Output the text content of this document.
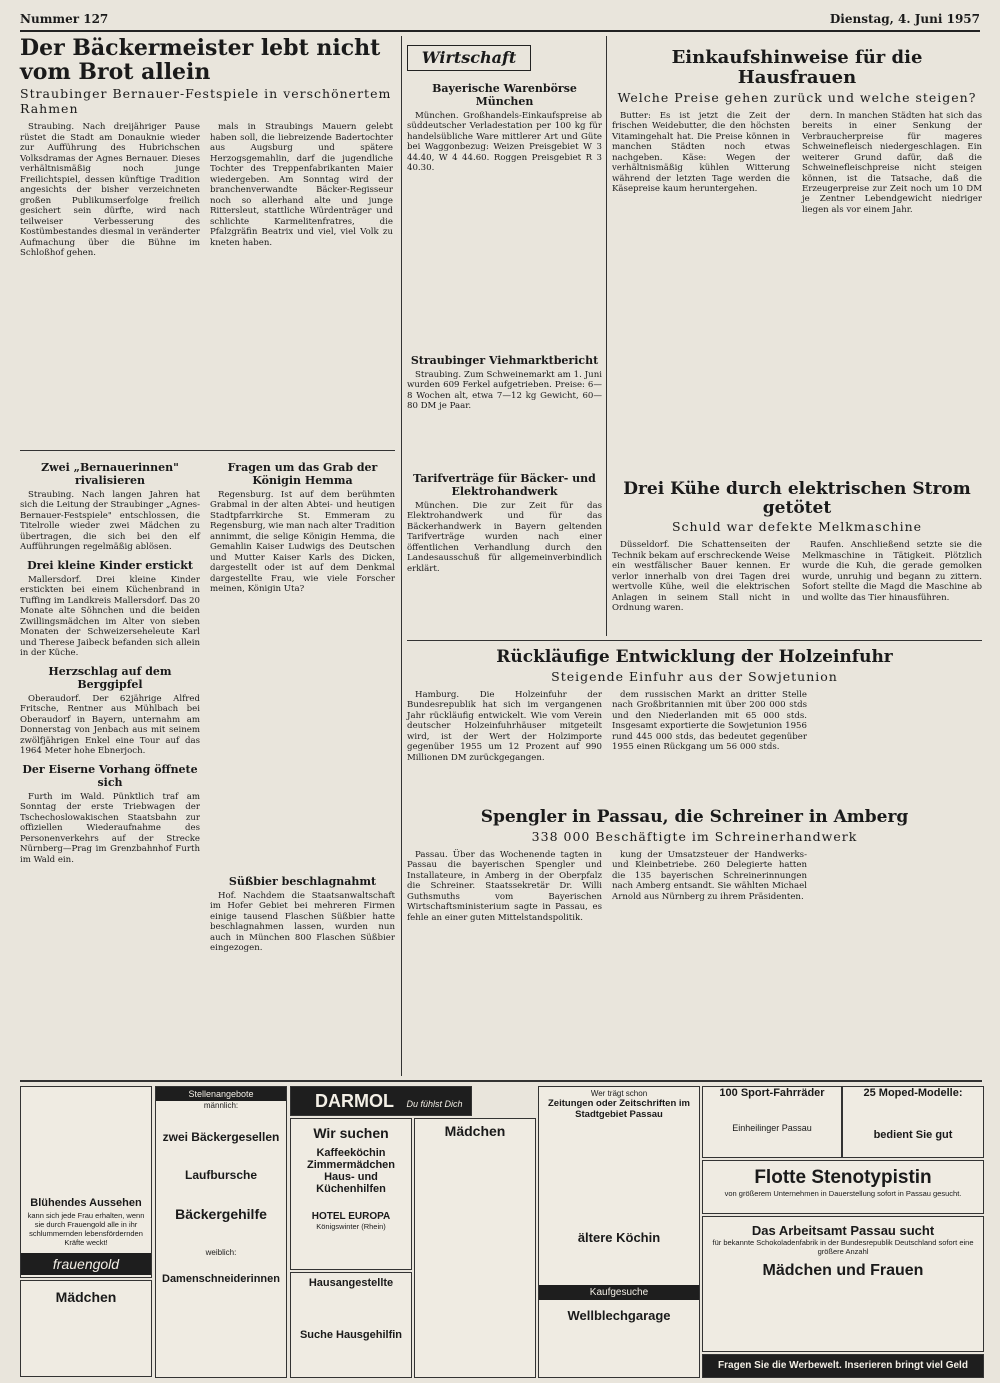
Nummer 127	Dienstag, 4. Juni 1957
Der Bäckermeister lebt nicht vom Brot allein
Straubinger Bernauer-Festspiele in verschönertem Rahmen

Straubing. Nach dreijähriger Pause rüstet die Stadt am Donauknie wieder zur Aufführung des Hubrichschen Volksdramas der Agnes Bernauer. Dieses verhältnismäßig noch junge Freilichtspiel, dessen künftige Tradition angesichts der bisher verzeichneten großen Publikumserfolge freilich gesichert sein dürfte, wird nach teilweiser Verbesserung des Kostümbestandes diesmal in veränderter Aufmachung über die Bühne im Schloßhof gehen.

mals in Straubings Mauern gelebt haben soll, die liebreizende Badertochter aus Augsburg und spätere Herzogsgemahlin, darf die jugendliche Tochter des Treppenfabrikanten Maier wiedergeben. Am Sonntag wird der branchenverwandte Bäcker-Regisseur noch so allerhand alte und junge Rittersleut, stattliche Würdenträger und schlichte Karmelitenfratres, die Pfalzgräfin Beatrix und viel, viel Volk zu kneten haben.

Zwei „Bernauerinnen" rivalisieren

Straubing. Nach langen Jahren hat sich die Leitung der Straubinger „Agnes-Bernauer-Festspiele" entschlossen, die Titelrolle wieder zwei Mädchen zu übertragen, die sich bei den elf Aufführungen regelmäßig ablösen.

Drei kleine Kinder erstickt

Mallersdorf. Drei kleine Kinder erstickten bei einem Küchenbrand in Tuffing im Landkreis Mallersdorf. Das 20 Monate alte Söhnchen und die beiden Zwillingsmädchen im Alter von sieben Monaten der Schweizerseheleute Karl und Therese Jaibeck befanden sich allein in der Küche.

Herzschlag auf dem Berggipfel

Oberaudorf. Der 62jährige Alfred Fritsche, Rentner aus Mühlbach bei Oberaudorf in Bayern, unternahm am Donnerstag von Jenbach aus mit seinem zwölfjährigen Enkel eine Tour auf das 1964 Meter hohe Ebnerjoch.

Der Eiserne Vorhang öffnete sich

Furth im Wald. Pünktlich traf am Sonntag der erste Triebwagen der Tschechoslowakischen Staatsbahn zur offiziellen Wiederaufnahme des Personenverkehrs auf der Strecke Nürnberg—Prag im Grenzbahnhof Furth im Wald ein.

Fragen um das Grab der Königin Hemma

Regensburg. Ist auf dem berühmten Grabmal in der alten Abtei- und heutigen Stadtpfarrkirche St. Emmeram zu Regensburg, wie man nach alter Tradition annimmt, die selige Königin Hemma, die Gemahlin Kaiser Ludwigs des Deutschen und Mutter Kaiser Karls des Dicken, dargestellt oder ist auf dem Denkmal dargestellte Frau, wie viele Forscher meinen, Königin Uta?

Süßbier beschlagnahmt

Hof. Nachdem die Staatsanwaltschaft im Hofer Gebiet bei mehreren Firmen einige tausend Flaschen Süßbier hatte beschlagnahmen lassen, wurden nun auch in München 800 Flaschen Süßbier eingezogen.

Wirtschaft
Bayerische Warenbörse München

München. Großhandels-Einkaufspreise ab süddeutscher Verladestation per 100 kg für handelsübliche Ware mittlerer Art und Güte bei Waggonbezug: Weizen Preisgebiet W 3 44.40, W 4 44.60. Roggen Preisgebiet R 3 40.30.

Straubinger Viehmarktbericht

Straubing. Zum Schweinemarkt am 1. Juni wurden 609 Ferkel aufgetrieben. Preise: 6—8 Wochen alt, etwa 7—12 kg Gewicht, 60—80 DM je Paar.

Tarifverträge für Bäcker- und Elektrohandwerk

München. Die zur Zeit für das Elektrohandwerk und für das Bäckerhandwerk in Bayern geltenden Tarifverträge wurden nach einer öffentlichen Verhandlung durch den Landesausschuß für allgemeinverbindlich erklärt.

Einkaufshinweise für die Hausfrauen
Welche Preise gehen zurück und welche steigen?

Butter: Es ist jetzt die Zeit der frischen Weidebutter, die den höchsten Vitamingehalt hat. Die Preise können in manchen Städten noch etwas nachgeben. Käse: Wegen der verhältnismäßig kühlen Witterung während der letzten Tage werden die Käsepreise kaum heruntergehen.

dern. In manchen Städten hat sich das bereits in einer Senkung der Verbraucherpreise für mageres Schweinefleisch niedergeschlagen. Ein weiterer Grund dafür, daß die Schweinefleischpreise nicht steigen können, ist die Tatsache, daß die Erzeugerpreise zur Zeit noch um 10 DM je Zentner Lebendgewicht niedriger liegen als vor einem Jahr.

Drei Kühe durch elektrischen Strom getötet
Schuld war defekte Melkmaschine

Düsseldorf. Die Schattenseiten der Technik bekam auf erschreckende Weise ein westfälischer Bauer kennen. Er verlor innerhalb von drei Tagen drei wertvolle Kühe, weil die elektrischen Anlagen in seinem Stall nicht in Ordnung waren.

Raufen. Anschließend setzte sie die Melkmaschine in Tätigkeit. Plötzlich wurde die Kuh, die gerade gemolken wurde, unruhig und begann zu zittern. Sofort stellte die Magd die Maschine ab und wollte das Tier hinausführen.

Rückläufige Entwicklung der Holzeinfuhr
Steigende Einfuhr aus der Sowjetunion

Hamburg. Die Holzeinfuhr der Bundesrepublik hat sich im vergangenen Jahr rückläufig entwickelt. Wie vom Verein deutscher Holzeinfuhrhäuser mitgeteilt wird, ist der Wert der Holzimporte gegenüber 1955 um 12 Prozent auf 990 Millionen DM zurückgegangen.

dem russischen Markt an dritter Stelle nach Großbritannien mit über 200 000 stds und den Niederlanden mit 65 000 stds. Insgesamt exportierte die Sowjetunion 1956 rund 445 000 stds, das bedeutet gegenüber 1955 einen Rückgang um 56 000 stds.

Spengler in Passau, die Schreiner in Amberg
338 000 Beschäftigte im Schreinerhandwerk

Passau. Über das Wochenende tagten in Passau die bayerischen Spengler und Installateure, in Amberg in der Oberpfalz die Schreiner. Staatssekretär Dr. Willi Guthsmuths vom Bayerischen Wirtschaftsministerium sagte in Passau, es fehle an einer guten Mittelstandspolitik.

kung der Umsatzsteuer der Handwerks- und Kleinbetriebe. 260 Delegierte hatten die 135 bayerischen Schreinerinnungen nach Amberg entsandt. Sie wählten Michael Arnold aus Nürnberg zu ihrem Präsidenten.

Blühendes Aussehen
kann sich jede Frau erhalten, wenn sie durch Frauengold alle in ihr schlummernden lebensfördernden Kräfte weckt!
frauengold
Mädchen
Stellenangebote
männlich:
zwei Bäckergesellen
Laufbursche
Bäckergehilfe
weiblich:
Damenschneiderinnen
DARMOL Du fühlst Dich
Wir suchen
Kaffeeköchin
Zimmermädchen
Haus- und Küchenhilfen
HOTEL EUROPA
Königswinter (Rhein)
Hausangestellte
Suche Hausgehilfin
Mädchen
Wer trägt schon
Zeitungen oder Zeitschriften im Stadtgebiet Passau
ältere Köchin
Kaufgesuche
Wellblechgarage
100 Sport-Fahrräder
Einheilinger Passau
25 Moped-Modelle:
bedient Sie gut
Flotte Stenotypistin
von größerem Unternehmen in Dauerstellung sofort in Passau gesucht.
Das Arbeitsamt Passau sucht
für bekannte Schokoladenfabrik in der Bundesrepublik Deutschland sofort eine größere Anzahl
Mädchen und Frauen
Fragen Sie die Werbewelt. Inserieren bringt viel Geld
